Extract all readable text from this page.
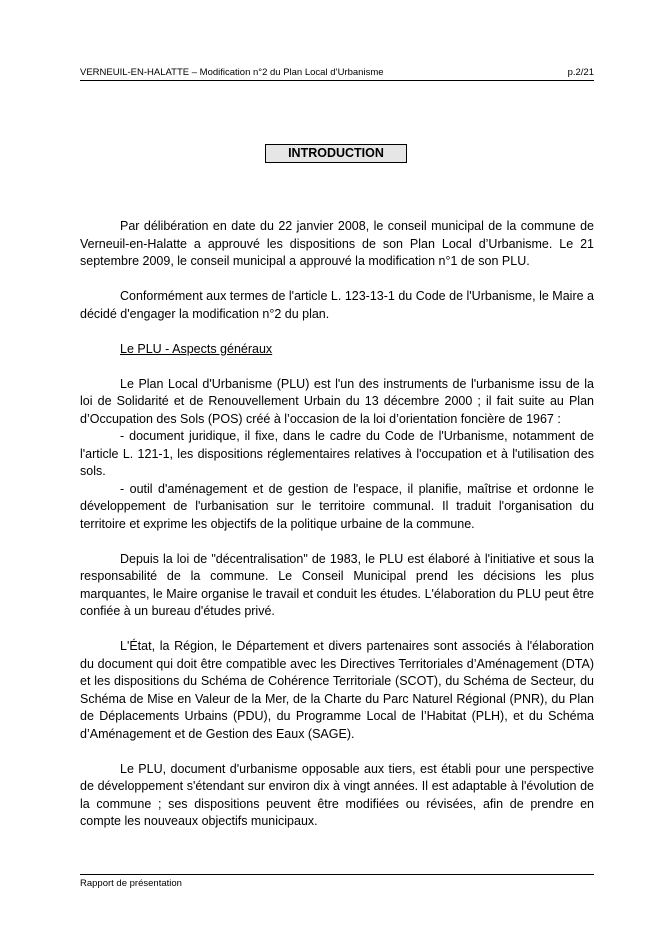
VERNEUIL-EN-HALATTE – Modification n°2 du Plan Local d’Urbanisme	p.2/21
INTRODUCTION

Par délibération en date du 22 janvier 2008, le conseil municipal de la commune de Verneuil-en-Halatte a approuvé les dispositions de son Plan Local d’Urbanisme. Le 21 septembre 2009, le conseil municipal a approuvé la modification n°1 de son PLU.

Conformément aux termes de l'article L. 123-13-1 du Code de l'Urbanisme, le Maire a décidé d'engager la modification n°2 du plan.

Le PLU - Aspects généraux

Le Plan Local d'Urbanisme (PLU) est l'un des instruments de l'urbanisme issu de la loi de Solidarité et de Renouvellement Urbain du 13 décembre 2000 ; il fait suite au Plan d’Occupation des Sols (POS) créé à l’occasion de la loi d’orientation foncière de 1967 :

- document juridique, il fixe, dans le cadre du Code de l'Urbanisme, notamment de l'article L. 121-1, les dispositions réglementaires relatives à l'occupation et à l'utilisation des sols.

- outil d'aménagement et de gestion de l'espace, il planifie, maîtrise et ordonne le développement de l'urbanisation sur le territoire communal. Il traduit l'organisation du territoire et exprime les objectifs de la politique urbaine de la commune.

Depuis la loi de "décentralisation" de 1983, le PLU est élaboré à l'initiative et sous la responsabilité de la commune. Le Conseil Municipal prend les décisions les plus marquantes, le Maire organise le travail et conduit les études. L'élaboration du PLU peut être confiée à un bureau d'études privé.

L'État, la Région, le Département et divers partenaires sont associés à l'élaboration du document qui doit être compatible avec les Directives Territoriales d’Aménagement (DTA) et les dispositions du Schéma de Cohérence Territoriale (SCOT), du Schéma de Secteur, du Schéma de Mise en Valeur de la Mer, de la Charte du Parc Naturel Régional (PNR), du Plan de Déplacements Urbains (PDU), du Programme Local de l’Habitat (PLH), et du Schéma d’Aménagement et de Gestion des Eaux (SAGE).

Le PLU, document d'urbanisme opposable aux tiers, est établi pour une perspective de développement s'étendant sur environ dix à vingt années. Il est adaptable à l'évolution de la commune ; ses dispositions peuvent être modifiées ou révisées, afin de prendre en compte les nouveaux objectifs municipaux.

Rapport de présentation
